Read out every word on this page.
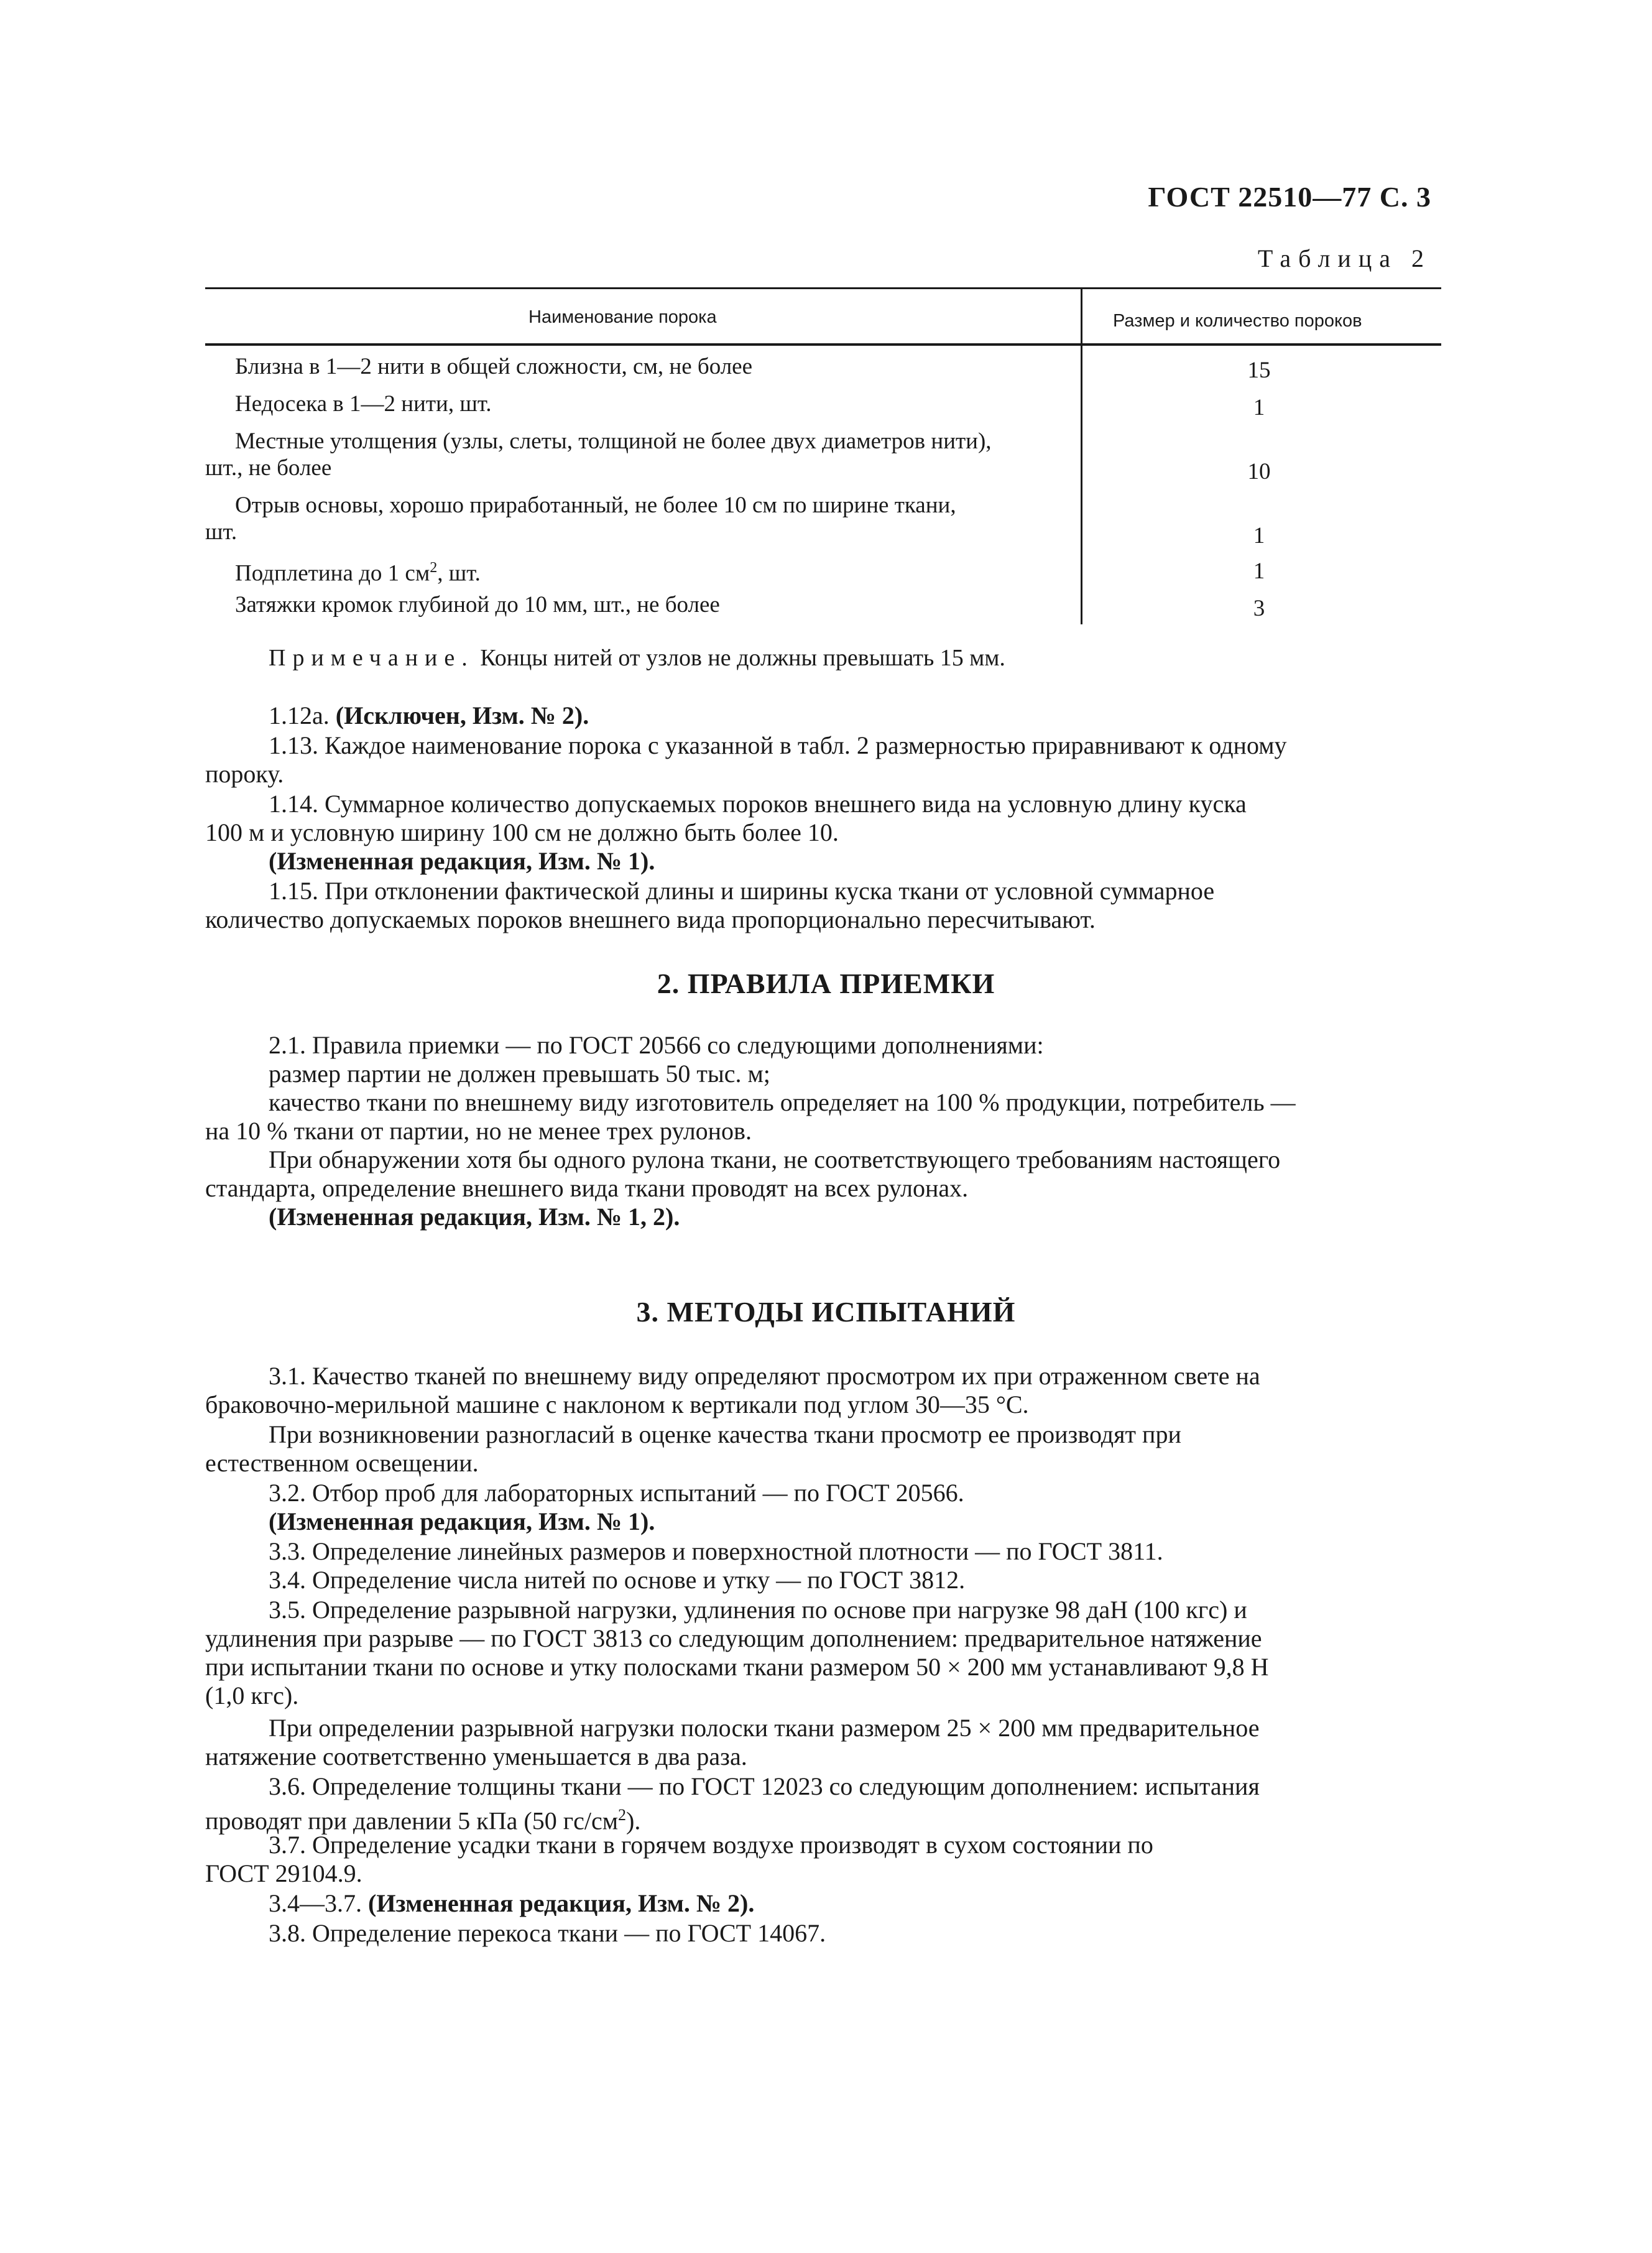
ГОСТ 22510—77 С. 3
Таблица 2
Наименование порока	Размер и количество пороков
Близна в 1—2 нити в общей сложности, см, не более	15
Недосека в 1—2 нити, шт.	1
Местные утолщения (узлы, слеты, толщиной не более двух диаметров нити),
шт., не более	10
Отрыв основы, хорошо приработанный, не более 10 см по ширине ткани,
шт.	1
Подплетина до 1 $см^2$, шт.	1
Затяжки кромок глубиной до 10 мм, шт., не более	3
Примечание. Концы нитей от узлов не должны превышать 15 мм.
1.12а. (Исключен, Изм. № 2).
1.13. Каждое наименование порока с указанной в табл. 2 размерностью приравнивают к одному
пороку.
1.14. Суммарное количество допускаемых пороков внешнего вида на условную длину куска
100 м и условную ширину 100 см не должно быть более 10.
(Измененная редакция, Изм. № 1).
1.15. При отклонении фактической длины и ширины куска ткани от условной суммарное
количество допускаемых пороков внешнего вида пропорционально пересчитывают.
2. ПРАВИЛА ПРИЕМКИ
2.1. Правила приемки — по ГОСТ 20566 со следующими дополнениями:
размер партии не должен превышать 50 тыс. м;
качество ткани по внешнему виду изготовитель определяет на 100 % продукции, потребитель —
на 10 % ткани от партии, но не менее трех рулонов.
При обнаружении хотя бы одного рулона ткани, не соответствующего требованиям настоящего
стандарта, определение внешнего вида ткани проводят на всех рулонах.
(Измененная редакция, Изм. № 1, 2).
3. МЕТОДЫ ИСПЫТАНИЙ
3.1. Качество тканей по внешнему виду определяют просмотром их при отраженном свете на
браковочно-мерильной машине с наклоном к вертикали под углом 30—35 °С.
При возникновении разногласий в оценке качества ткани просмотр ее производят при
естественном освещении.
3.2. Отбор проб для лабораторных испытаний — по ГОСТ 20566.
(Измененная редакция, Изм. № 1).
3.3. Определение линейных размеров и поверхностной плотности — по ГОСТ 3811.
3.4. Определение числа нитей по основе и утку — по ГОСТ 3812.
3.5. Определение разрывной нагрузки, удлинения по основе при нагрузке 98 даН (100 кгс) и
удлинения при разрыве — по ГОСТ 3813 со следующим дополнением: предварительное натяжение
при испытании ткани по основе и утку полосками ткани размером 50 × 200 мм устанавливают 9,8 Н
(1,0 кгс).
При определении разрывной нагрузки полоски ткани размером 25 × 200 мм предварительное
натяжение соответственно уменьшается в два раза.
3.6. Определение толщины ткани — по ГОСТ 12023 со следующим дополнением: испытания
проводят при давлении 5 кПа (50 $гс/см^2$).
3.7. Определение усадки ткани в горячем воздухе производят в сухом состоянии по
ГОСТ 29104.9.
3.4—3.7. (Измененная редакция, Изм. № 2).
3.8. Определение перекоса ткани — по ГОСТ 14067.
